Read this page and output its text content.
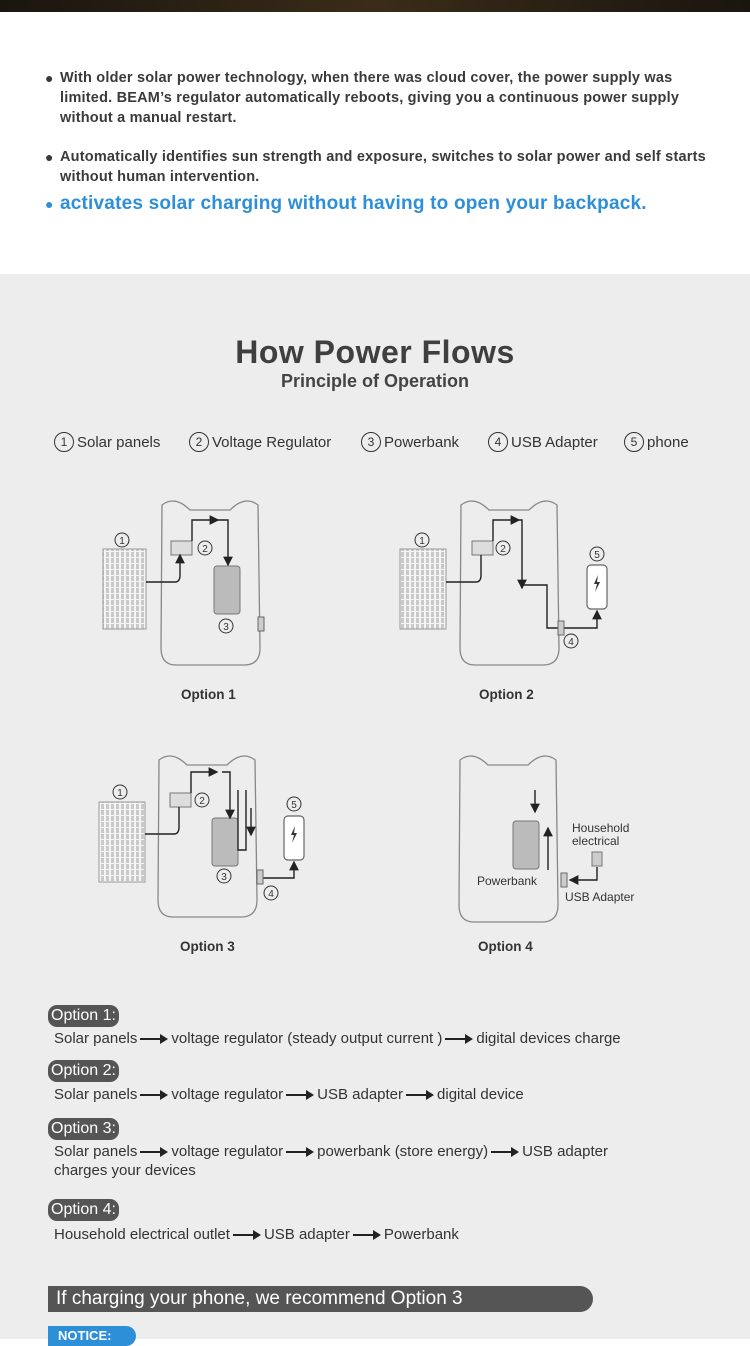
● With older solar power technology, when there was cloud cover, the power supply was limited. BEAM’s regulator automatically reboots, giving you a continuous power supply without a manual restart.
● Automatically identifies sun strength and exposure, switches to solar power and self starts without human intervention.
● activates solar charging without having to open your backpack.
How Power Flows
Principle of Operation
1 Solar panels	2 Voltage Regulator	3 Powerbank	4 USB Adapter	5 phone
1
2
3
1
2
5
4
1
2
3
5
4
Option 1	Option 2
Option 3	Option 4
Household
electrical
Powerbank
USB Adapter
Option 1:
Solar panels voltage regulator (steady output current ) digital devices charge
Option 2:
Solar panels voltage regulator USB adapter digital device
Option 3:
Solar panels voltage regulator powerbank (store energy) USB adapter
charges your devices
Option 4:
Household electrical outlet USB adapter Powerbank
If charging your phone, we recommend Option 3
NOTICE:
